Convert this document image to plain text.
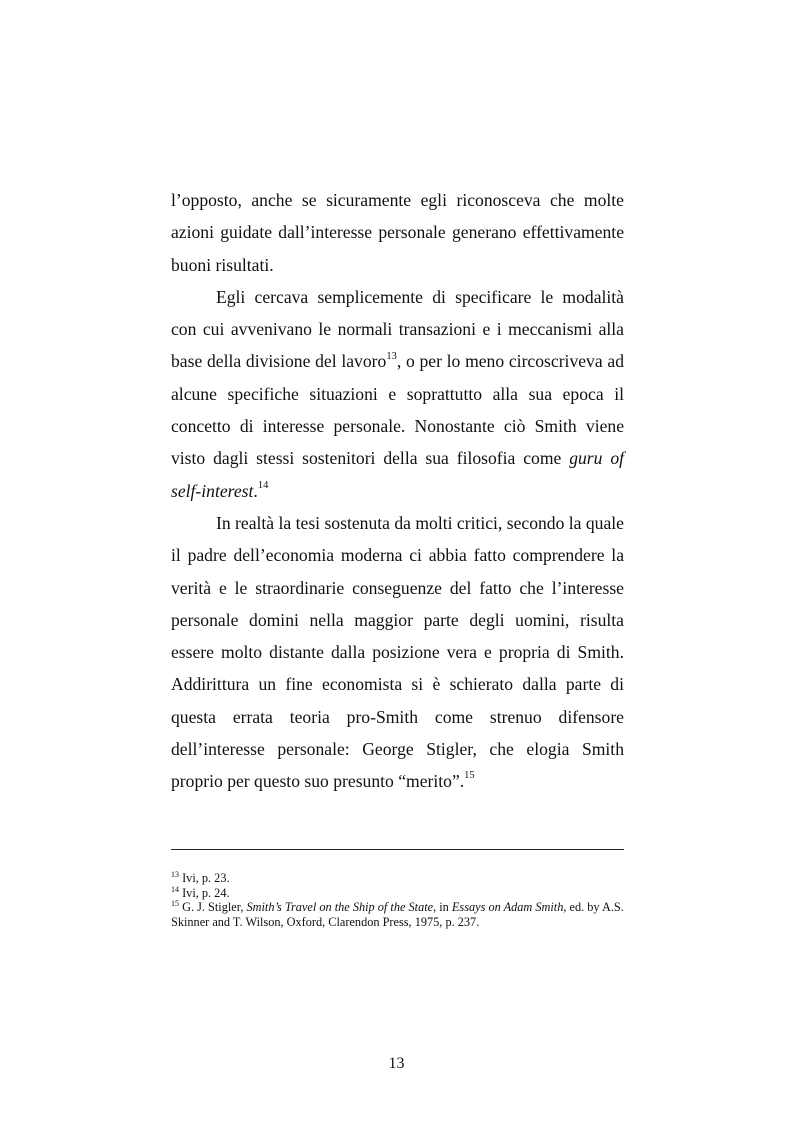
l’opposto, anche se sicuramente egli riconosceva che molte azioni guidate dall’interesse personale generano effettivamente buoni risultati.

Egli cercava semplicemente di specificare le modalità con cui avvenivano le normali transazioni e i meccanismi alla base della divisione del lavoro$^{13}$, o per lo meno circoscriveva ad alcune specifiche situazioni e soprattutto alla sua epoca il concetto di interesse personale. Nonostante ciò Smith viene visto dagli stessi sostenitori della sua filosofia come guru of self-interest.$^{14}$

In realtà la tesi sostenuta da molti critici, secondo la quale il padre dell’economia moderna ci abbia fatto comprendere la verità e le straordinarie conseguenze del fatto che l’interesse personale domini nella maggior parte degli uomini, risulta essere molto distante dalla posizione vera e propria di Smith. Addirittura un fine economista si è schierato dalla parte di questa errata teoria pro-Smith come strenuo difensore dell’interesse personale: George Stigler, che elogia Smith proprio per questo suo presunto “merito”.$^{15}$

$^{13}$ Ivi, p. 23.
$^{14}$ Ivi, p. 24.
$^{15}$ G. J. Stigler, Smith’s Travel on the Ship of the State, in Essays on Adam Smith, ed. by A.S. Skinner and T. Wilson, Oxford, Clarendon Press, 1975, p. 237.
13
